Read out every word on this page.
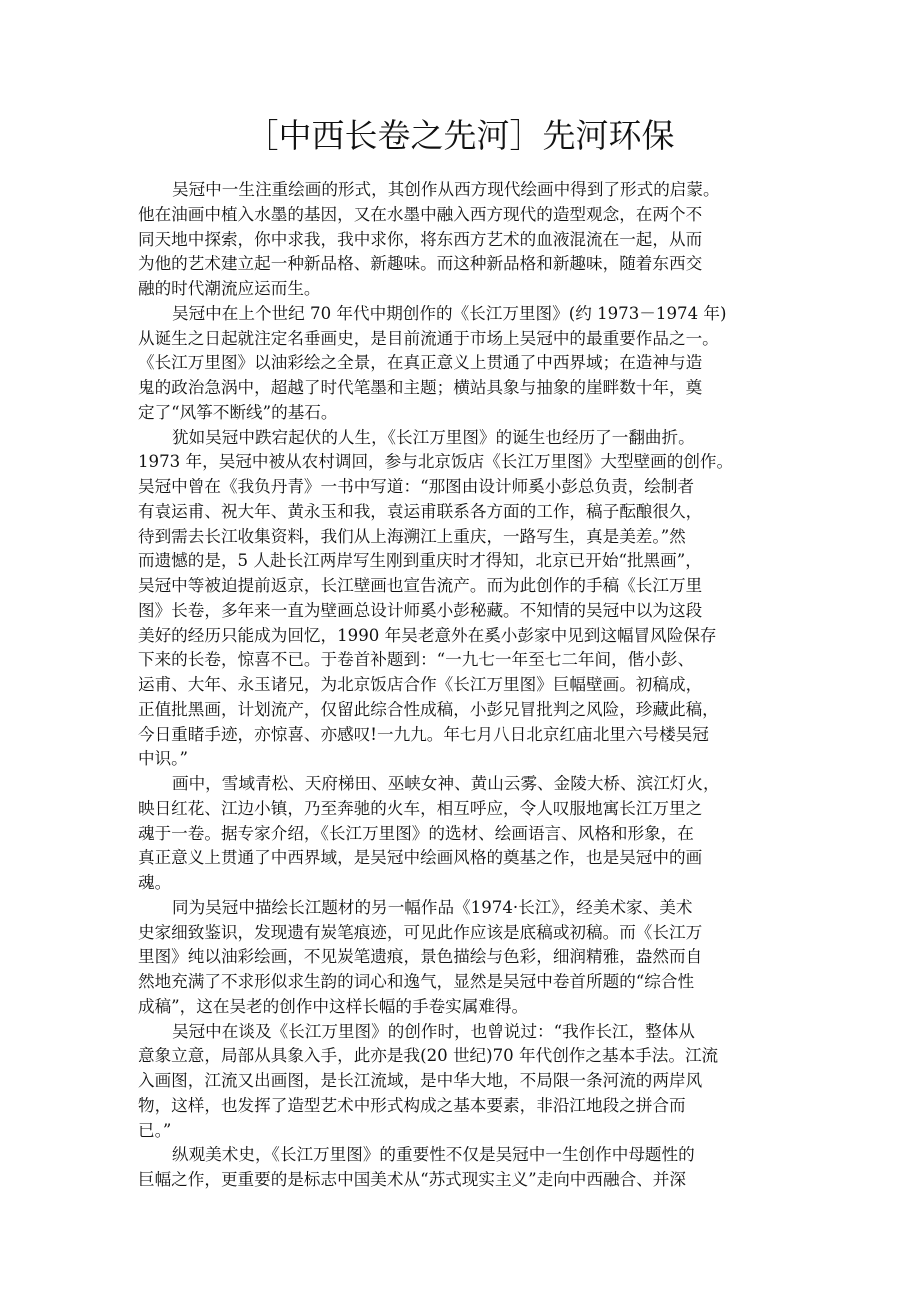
［中西长卷之先河］先河环保
吴冠中一生注重绘画的形式，其创作从西方现代绘画中得到了形式的启蒙。
他在油画中植入水墨的基因，又在水墨中融入西方现代的造型观念，在两个不
同天地中探索，你中求我，我中求你，将东西方艺术的血液混流在一起，从而
为他的艺术建立起一种新品格、新趣味。而这种新品格和新趣味，随着东西交
融的时代潮流应运而生。
吴冠中在上个世纪 70 年代中期创作的《长江万里图》(约 1973－1974 年)
从诞生之日起就注定名垂画史，是目前流通于市场上吴冠中的最重要作品之一。
《长江万里图》以油彩绘之全景，在真正意义上贯通了中西界域；在造神与造
鬼的政治急涡中，超越了时代笔墨和主题；横站具象与抽象的崖畔数十年，奠
定了“风筝不断线”的基石。
犹如吴冠中跌宕起伏的人生，《长江万里图》的诞生也经历了一翻曲折。
1973 年，吴冠中被从农村调回，参与北京饭店《长江万里图》大型壁画的创作。
吴冠中曾在《我负丹青》一书中写道：“那图由设计师奚小彭总负责，绘制者
有袁运甫、祝大年、黄永玉和我，袁运甫联系各方面的工作，稿子酝酿很久，
待到需去长江收集资料，我们从上海溯江上重庆，一路写生，真是美差。”然
而遗憾的是，5 人赴长江两岸写生刚到重庆时才得知，北京已开始“批黑画”，
吴冠中等被迫提前返京，长江壁画也宣告流产。而为此创作的手稿《长江万里
图》长卷，多年来一直为壁画总设计师奚小彭秘藏。不知情的吴冠中以为这段
美好的经历只能成为回忆，1990 年吴老意外在奚小彭家中见到这幅冒风险保存
下来的长卷，惊喜不已。于卷首补题到：“一九七一年至七二年间，偕小彭、
运甫、大年、永玉诸兄，为北京饭店合作《长江万里图》巨幅壁画。初稿成，
正值批黑画，计划流产，仅留此综合性成稿，小彭兄冒批判之风险，珍藏此稿，
今日重睹手迹，亦惊喜、亦感叹!一九九。年七月八日北京红庙北里六号楼吴冠
中识。”
画中，雪域青松、天府梯田、巫峡女神、黄山云雾、金陵大桥、滨江灯火，
映日红花、江边小镇，乃至奔驰的火车，相互呼应，令人叹服地寓长江万里之
魂于一卷。据专家介绍，《长江万里图》的选材、绘画语言、风格和形象，在
真正意义上贯通了中西界域，是吴冠中绘画风格的奠基之作，也是吴冠中的画
魂。
同为吴冠中描绘长江题材的另一幅作品《1974·长江》，经美术家、美术
史家细致鉴识，发现遗有炭笔痕迹，可见此作应该是底稿或初稿。而《长江万
里图》纯以油彩绘画，不见炭笔遗痕，景色描绘与色彩，细润精雅，盎然而自
然地充满了不求形似求生韵的词心和逸气，显然是吴冠中卷首所题的“综合性
成稿”，这在吴老的创作中这样长幅的手卷实属难得。
吴冠中在谈及《长江万里图》的创作时，也曾说过：“我作长江，整体从
意象立意，局部从具象入手，此亦是我(20 世纪)70 年代创作之基本手法。江流
入画图，江流又出画图，是长江流域，是中华大地，不局限一条河流的两岸风
物，这样，也发挥了造型艺术中形式构成之基本要素，非沿江地段之拼合而
已。”
纵观美术史，《长江万里图》的重要性不仅是吴冠中一生创作中母题性的
巨幅之作，更重要的是标志中国美术从“苏式现实主义”走向中西融合、并深
